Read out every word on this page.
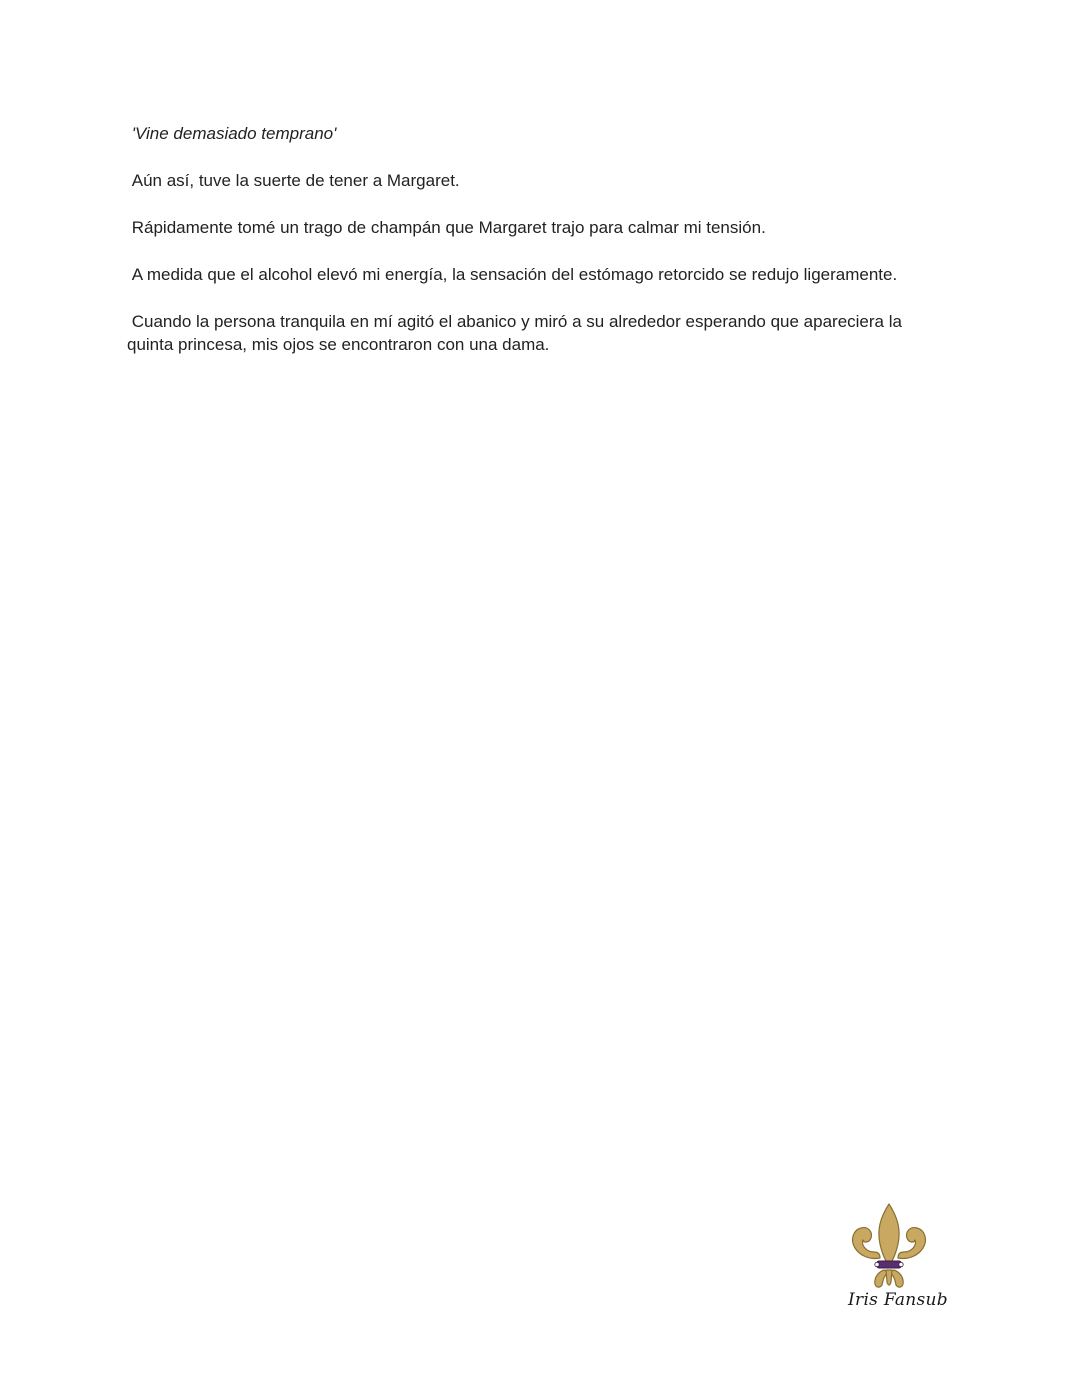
'Vine demasiado temprano'

Aún así, tuve la suerte de tener a Margaret.

Rápidamente tomé un trago de champán que Margaret trajo para calmar mi tensión.

A medida que el alcohol elevó mi energía, la sensación del estómago retorcido se redujo ligeramente.

Cuando la persona tranquila en mí agitó el abanico y miró a su alrededor esperando que apareciera la quinta princesa, mis ojos se encontraron con una dama.

Iris Fansub
